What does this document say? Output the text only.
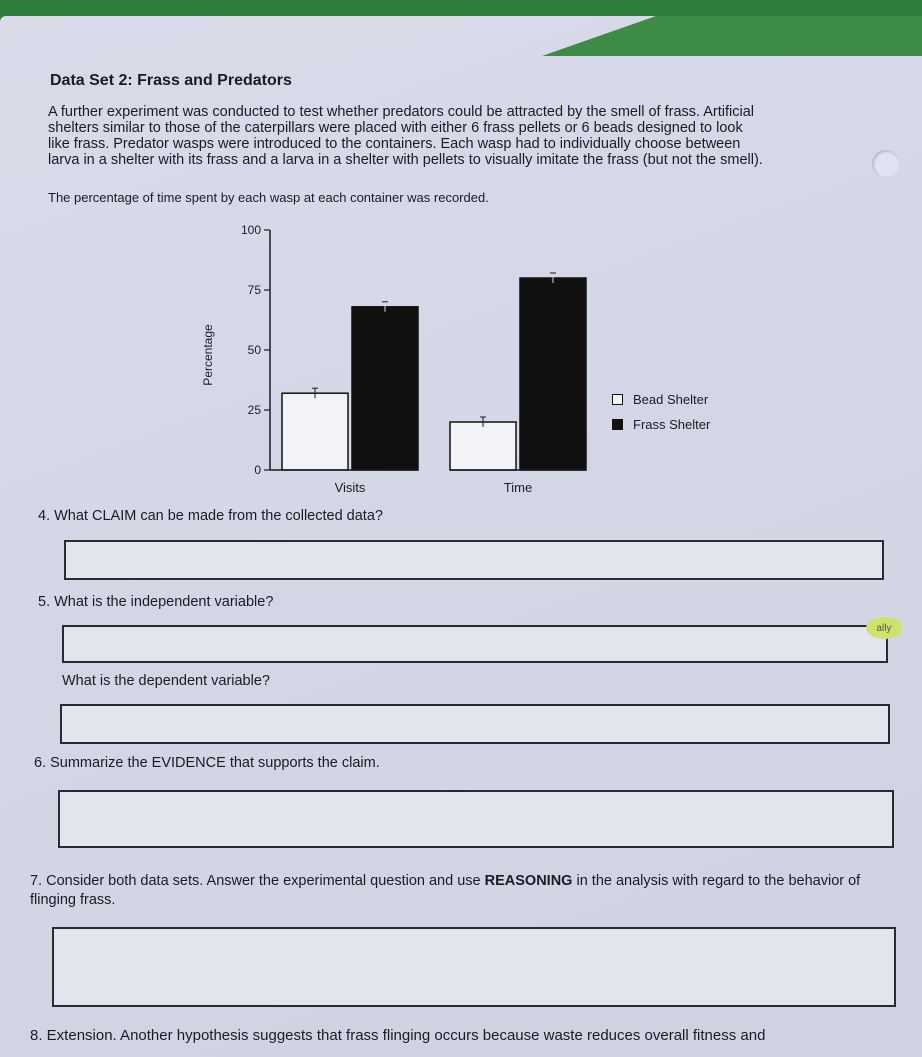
Data Set 2: Frass and Predators

A further experiment was conducted to test whether predators could be attracted by the smell of frass. Artificial

shelters similar to those of the caterpillars were placed with either 6 frass pellets or 6 beads designed to look

like frass. Predator wasps were introduced to the containers. Each wasp had to individually choose between

larva in a shelter with its frass and a larva in a shelter with pellets to visually imitate the frass (but not the smell).

The percentage of time spent by each wasp at each container was recorded.
0
25
50
75
100
Percentage
Visits	Time
Bead Shelter
Frass Shelter
4. What CLAIM can be made from the collected data?
5. What is the independent variable?
ally
What is the dependent variable?
6. Summarize the EVIDENCE that supports the claim.
7. Consider both data sets. Answer the experimental question and use REASONING in the analysis with regard to the behavior of flinging frass.
8. Extension. Another hypothesis suggests that frass flinging occurs because waste reduces overall fitness and
